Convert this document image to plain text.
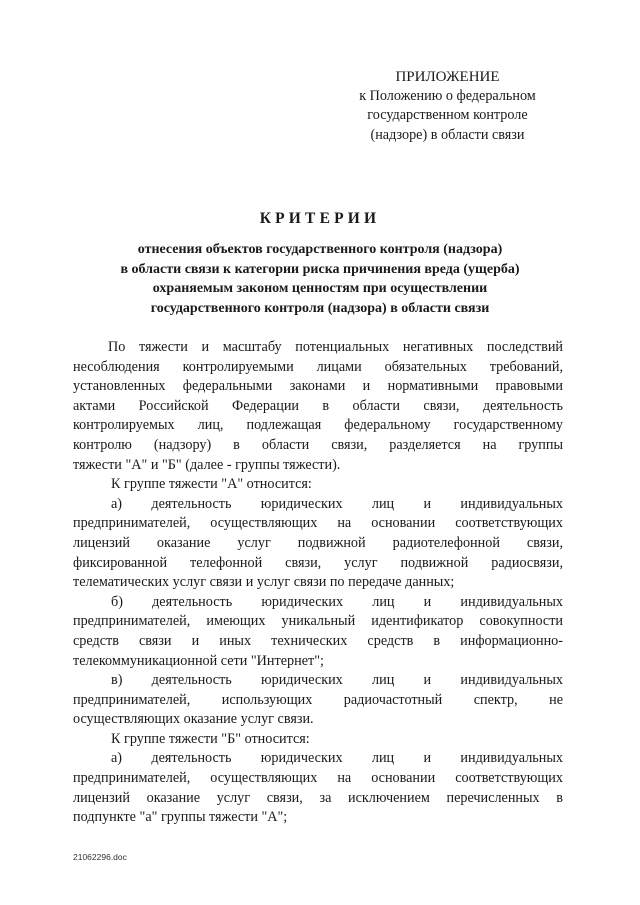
ПРИЛОЖЕНИЕ
к Положению о федеральном
государственном контроле
(надзоре) в области связи
КРИТЕРИИ
отнесения объектов государственного контроля (надзора)
в области связи к категории риска причинения вреда (ущерба)
охраняемым законом ценностям при осуществлении
государственного контроля (надзора) в области связи
По тяжести и масштабу потенциальных негативных последствий
несоблюдения контролируемыми лицами обязательных требований,
установленных федеральными законами и нормативными правовыми
актами Российской Федерации в области связи, деятельность
контролируемых лиц, подлежащая федеральному государственному
контролю (надзору) в области связи, разделяется на группы
тяжести "А" и "Б" (далее - группы тяжести).
К группе тяжести "А" относится:
а) деятельность юридических лиц и индивидуальных
предпринимателей, осуществляющих на основании соответствующих
лицензий оказание услуг подвижной радиотелефонной связи,
фиксированной телефонной связи, услуг подвижной радиосвязи,
телематических услуг связи и услуг связи по передаче данных;
б) деятельность юридических лиц и индивидуальных
предпринимателей, имеющих уникальный идентификатор совокупности
средств связи и иных технических средств в информационно-
телекоммуникационной сети "Интернет";
в) деятельность юридических лиц и индивидуальных
предпринимателей, использующих радиочастотный спектр, не
осуществляющих оказание услуг связи.
К группе тяжести "Б" относится:
а) деятельность юридических лиц и индивидуальных
предпринимателей, осуществляющих на основании соответствующих
лицензий оказание услуг связи, за исключением перечисленных в
подпункте "а" группы тяжести "А";
21062296.doc
